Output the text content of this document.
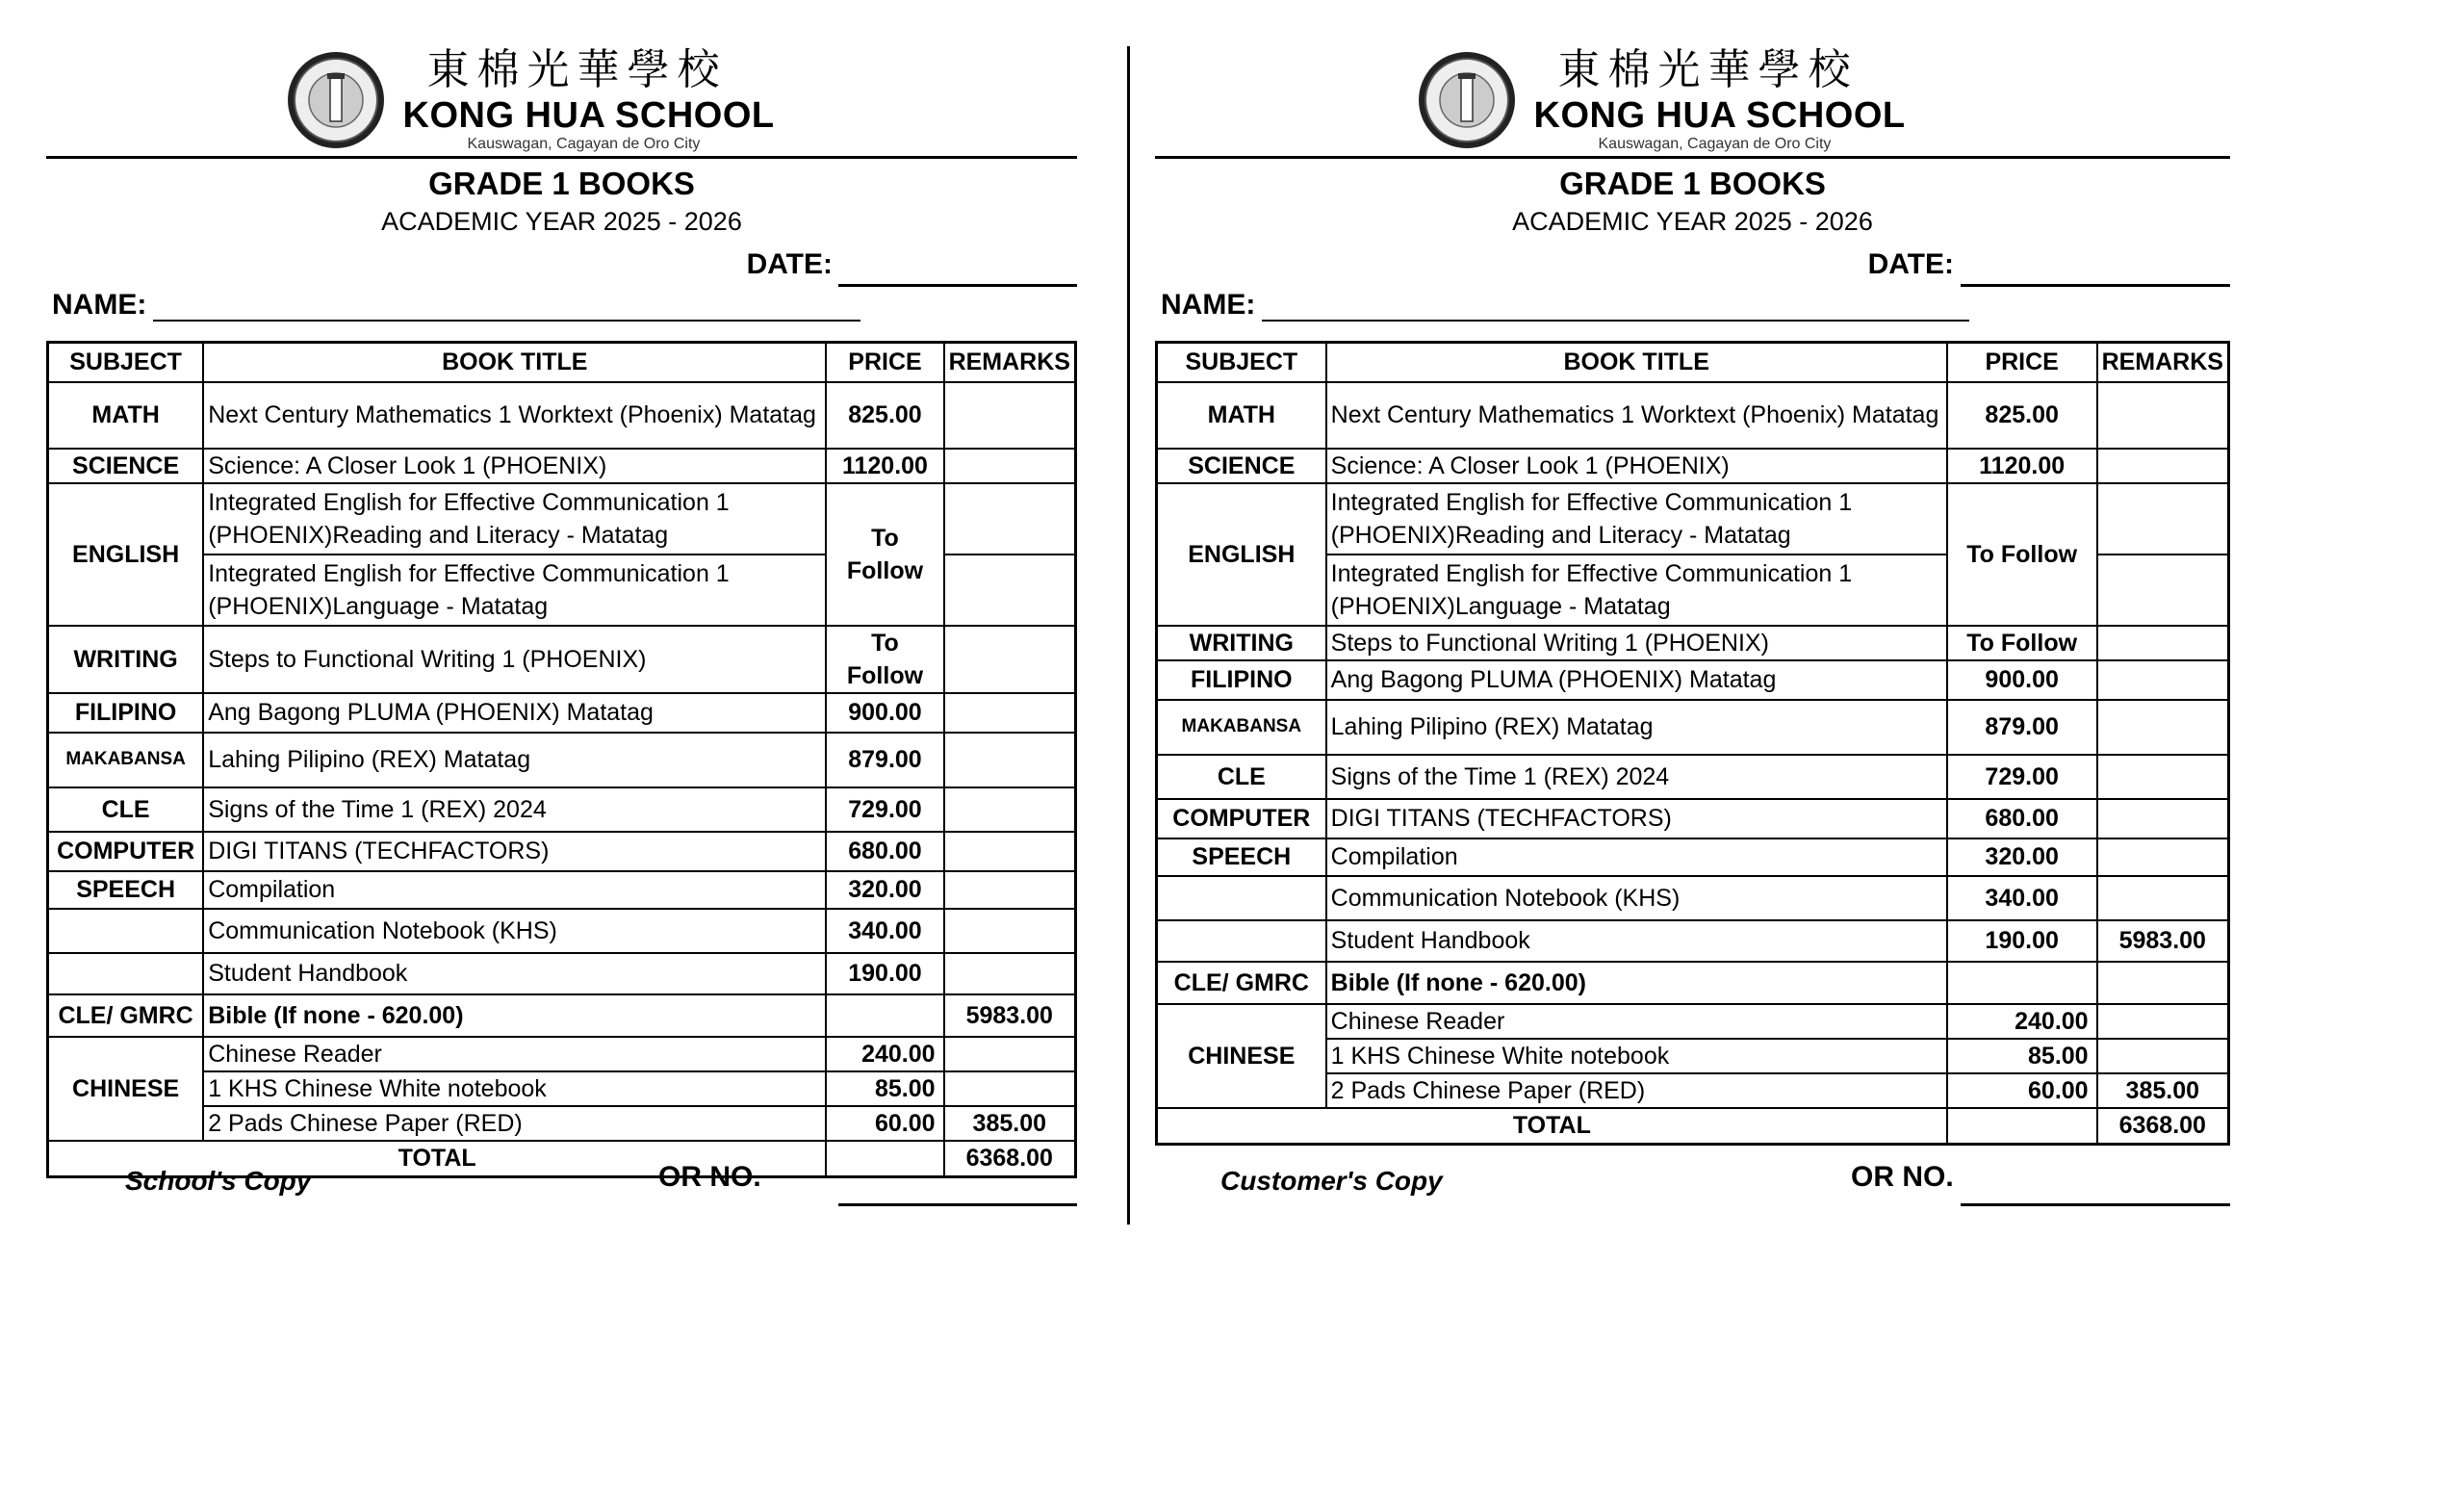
東棉光華學校
KONG HUA SCHOOL
Kauswagan, Cagayan de Oro City
GRADE 1 BOOKS
ACADEMIC YEAR 2025 - 2026
DATE:
NAME:
SUBJECT	BOOK TITLE	PRICE	REMARKS
MATH	Next Century Mathematics 1 Worktext (Phoenix) Matatag	825.00	
SCIENCE	Science: A Closer Look 1 (PHOENIX)	1120.00	
ENGLISH	Integrated English for Effective Communication 1 (PHOENIX)Reading and Literacy - Matatag	To Follow	
	Integrated English for Effective Communication 1 (PHOENIX)Language - Matatag		
WRITING	Steps to Functional Writing 1 (PHOENIX)	To Follow	
FILIPINO	Ang Bagong PLUMA (PHOENIX) Matatag	900.00	
MAKABANSA	Lahing Pilipino (REX) Matatag	879.00	
CLE	Signs of the Time 1 (REX) 2024	729.00	
COMPUTER	DIGI TITANS (TECHFACTORS)	680.00	
SPEECH	Compilation	320.00	
	Communication Notebook (KHS)	340.00	
	Student Handbook	190.00	
CLE/ GMRC	Bible (If none - 620.00)		5983.00
CHINESE	Chinese Reader	240.00	
	1 KHS Chinese White notebook	85.00	
	2 Pads Chinese Paper (RED)	60.00	385.00
TOTAL			6368.00
School's Copy	OR NO.
東棉光華學校
KONG HUA SCHOOL
Kauswagan, Cagayan de Oro City
GRADE 1 BOOKS
ACADEMIC YEAR 2025 - 2026
DATE:
NAME:
SUBJECT	BOOK TITLE	PRICE	REMARKS
MATH	Next Century Mathematics 1 Worktext (Phoenix) Matatag	825.00	
SCIENCE	Science: A Closer Look 1 (PHOENIX)	1120.00	
ENGLISH	Integrated English for Effective Communication 1 (PHOENIX)Reading and Literacy - Matatag	To Follow	
	Integrated English for Effective Communication 1 (PHOENIX)Language - Matatag		
WRITING	Steps to Functional Writing 1 (PHOENIX)	To Follow	
FILIPINO	Ang Bagong PLUMA (PHOENIX) Matatag	900.00	
MAKABANSA	Lahing Pilipino (REX) Matatag	879.00	
CLE	Signs of the Time 1 (REX) 2024	729.00	
COMPUTER	DIGI TITANS (TECHFACTORS)	680.00	
SPEECH	Compilation	320.00	
	Communication Notebook (KHS)	340.00	
	Student Handbook	190.00	5983.00
CLE/ GMRC	Bible (If none - 620.00)		
CHINESE	Chinese Reader	240.00	
	1 KHS Chinese White notebook	85.00	
	2 Pads Chinese Paper (RED)	60.00	385.00
TOTAL			6368.00
Customer's Copy	OR NO.
